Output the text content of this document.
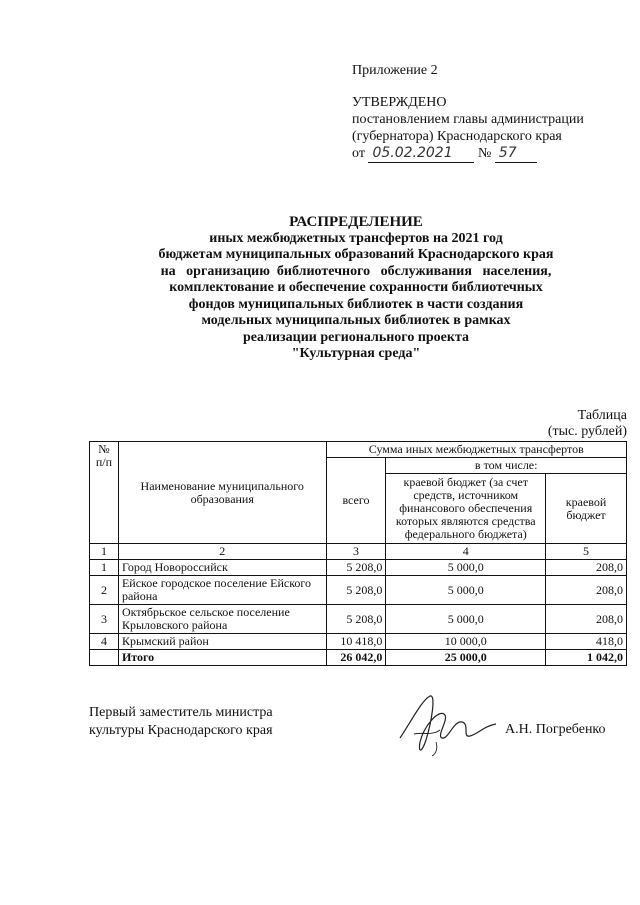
Приложение 2
УТВЕРЖДЕНО
постановлением главы администрации
(губернатора) Краснодарского края
от 05.02.2021 № 57
РАСПРЕДЕЛЕНИЕ
иных межбюджетных трансфертов на 2021 год
бюджетам муниципальных образований Краснодарского края
на   организацию  библиотечного   обслуживания   населения,
комплектование и обеспечение сохранности библиотечных
фондов муниципальных библиотек в части создания
модельных муниципальных библиотек в рамках
реализации регионального проекта
"Культурная среда"
Таблица
(тыс. рублей)
№ п/п	Наименование муниципального образования	Сумма иных межбюджетных трансфертов		
		всего	в том числе:	
			краевой бюджет (за счет средств, источником финансового обеспечения которых являются средства федерального бюджета)	краевой бюджет
1	2	3	4	5
1	Город Новороссийск	5 208,0	5 000,0	208,0
2	Ейское городское поселение Ейского района	5 208,0	5 000,0	208,0
3	Октябрьское сельское поселение Крыловского района	5 208,0	5 000,0	208,0
4	Крымский район	10 418,0	10 000,0	418,0
	Итого	26 042,0	25 000,0	1 042,0
Первый заместитель министра
культуры Краснодарского края	А.Н. Погребенко
